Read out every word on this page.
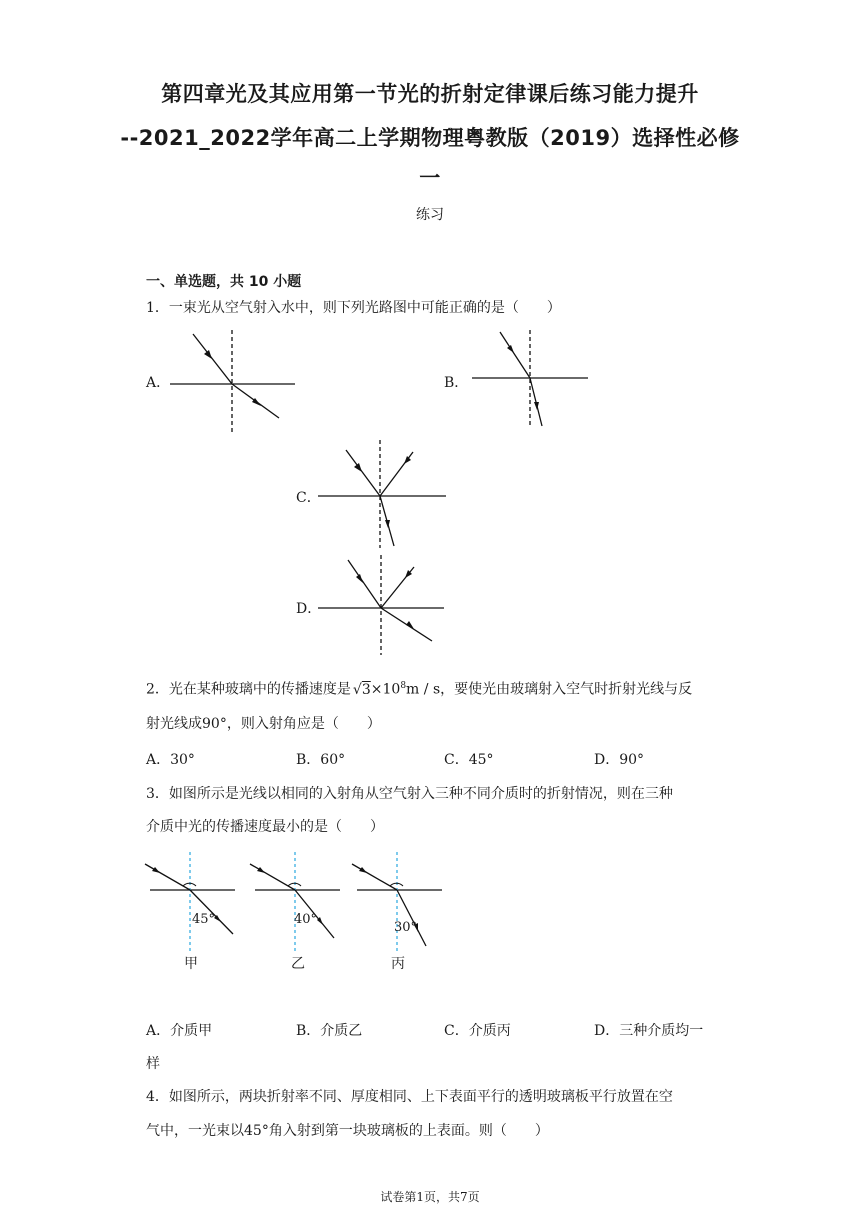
第四章光及其应用第一节光的折射定律课后练习能力提升
--2021_2022学年高二上学期物理粤教版（2019）选择性必修
一
练习
一、单选题，共 10 小题
1．一束光从空气射入水中，则下列光路图中可能正确的是（　　）
A．	B．
C．
D．
2．光在某种玻璃中的传播速度是 $√3\times 10^8m / s$，要使光由玻璃射入空气时折射光线与反
射光线成90°，则入射角应是（　　）
A．30°	B．60°	C．45°	D．90°
3．如图所示是光线以相同的入射角从空气射入三种不同介质时的折射情况，则在三种
介质中光的传播速度最小的是（　　）
45°
甲
40°
乙
30°
丙
A．介质甲	B．介质乙	C．介质丙	D．三种介质均一
样
4．如图所示，两块折射率不同、厚度相同、上下表面平行的透明玻璃板平行放置在空
气中，一光束以45°角入射到第一块玻璃板的上表面。则（　　）
试卷第1页，共7页
